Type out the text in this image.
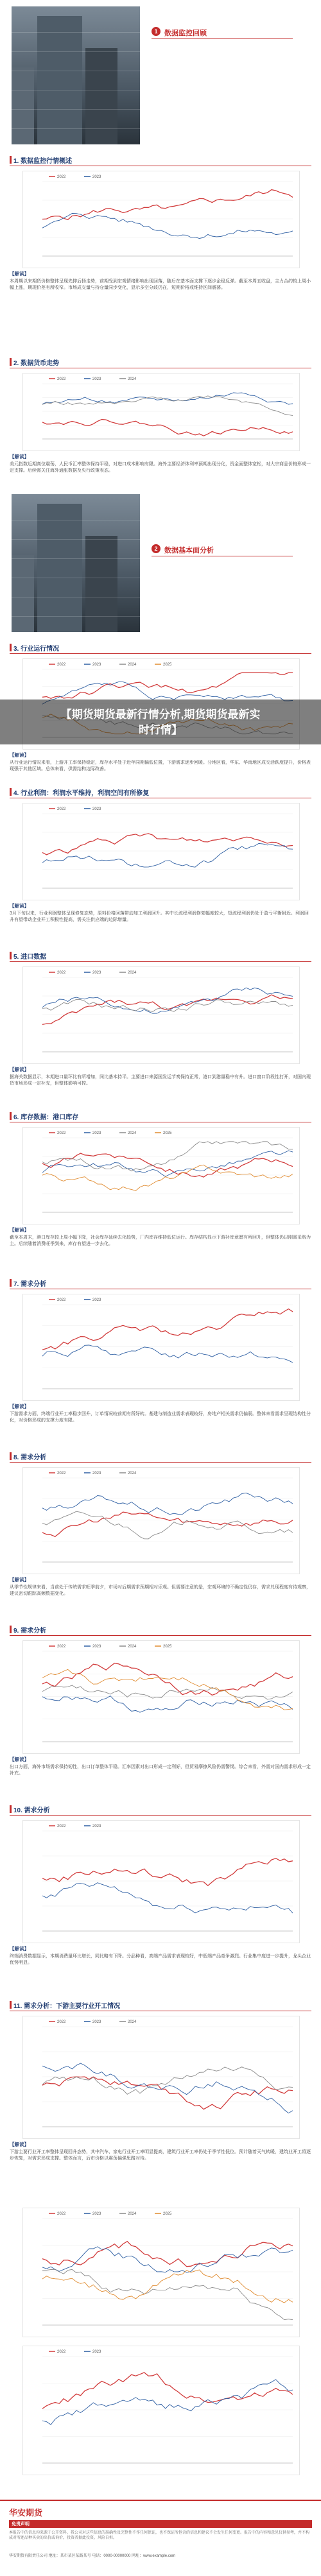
1 数据监控回顾
1. 数据监控行情概述
2022	2023
【解读】
本周期以来期货价格整体呈现先抑后扬走势，前期受到宏观情绪影响出现回落，随后在基本面支撑下逐步企稳反弹。截至本周五收盘，主力合约较上周小幅上涨，期现价差有所收窄。市场成交量与持仓量同步变化，显示多空分歧仍在，短期价格或维持区间震荡。
2. 数据货币走势
2022	2023	2024
【解读】
美元指数近期高位震荡，人民币汇率整体保持平稳，对进口成本影响有限。海外主要经济体利率预期出现分化，资金面整体宽松，对大宗商品价格形成一定支撑。后续需关注海外通胀数据及央行政策表态。
2 数据基本面分析
3. 行业运行情况
2022	2023	2024	2025
【解读】
从行业运行情况来看，上游开工率保持稳定，库存水平处于近年同期偏低位置，下游需求逐步回暖。分地区看，华东、华南地区成交活跃度提升，价格表现强于其他区域。总体来看，供需结构边际改善。
4. 行业利润：利润水平维持，利润空间有所修复
2022	2023
【解读】
3月下旬以来，行业利润整体呈现修复态势，原料价格回落带动加工利润回升。其中长流程利润修复幅度较大，短流程利润仍处于盈亏平衡附近。利润回升有望带动企业开工积极性提高，需关注供应端的边际增量。
5. 进口数据
2022	2023	2024
【解读】
据海关数据显示，本期进口量环比有所增加，同比基本持平。主要进口来源国发运节奏保持正常，港口到港量稳中有升。进口窗口阶段性打开，对国内现货市场形成一定补充，但整体影响可控。
6. 库存数据：港口库存
2022	2023	2024	2025
【解读】
截至本周末，港口库存较上周小幅下降，社会库存延续去化趋势，厂内库存维持低位运行。库存结构显示下游补库意愿有所回升，但整体仍以刚需采购为主。后续随着消费旺季到来，库存有望进一步去化。
7. 需求分析
2022	2023
【解读】
下游需求方面，终端行业开工率稳步回升，订单情况较前期有所好转。基建与制造业需求表现较好，房地产相关需求仍偏弱。整体来看需求呈现结构性分化，对价格形成的支撑力度有限。
8. 需求分析
2022	2023	2024
【解读】
从季节性规律来看，当前处于传统需求旺季前夕，市场对后期需求预期相对乐观。但需要注意的是，宏观环境的不确定性仍存，需求兑现程度有待观察，建议密切跟踪高频数据变化。
9. 需求分析
2022	2023	2024	2025
【解读】
出口方面，海外市场需求保持韧性，出口订单整体平稳。汇率因素对出口形成一定利好，但贸易摩擦风险仍需警惕。综合来看，外需对国内需求形成一定补充。
10. 需求分析
2022	2023
【解读】
终端消费数据显示，本期消费量环比增长，同比略有下降。分品种看，高端产品需求表现较好，中低端产品竞争激烈。行业集中度进一步提升，龙头企业优势明显。
11. 需求分析：下游主要行业开工情况
2022	2023	2024
【解读】
下游主要行业开工率整体呈现回升态势，其中汽车、家电行业开工率明显提高，建筑行业开工率仍处于季节性低位。预计随着天气转暖，建筑业开工将逐步恢复，对需求形成支撑。整体而言，后市价格以震荡偏强思路对待。
2022	2023	2024	2025
2022	2023
【期货期货最新行情分析,期货期货最新实时行情】
华安期货
免责声明
本报告中的信息均来源于公开资料，我公司对这些信息的准确性及完整性不作任何保证，也不保证所包含的信息和建议不会发生任何变更。报告中的内容和意见仅供参考，并不构成对所述品种买卖的出价或询价，投资者据此投资，风险自担。
华安期货有限责任公司 地址：某市某区某路某号 电话：0000-00000000 网址：www.example.com
